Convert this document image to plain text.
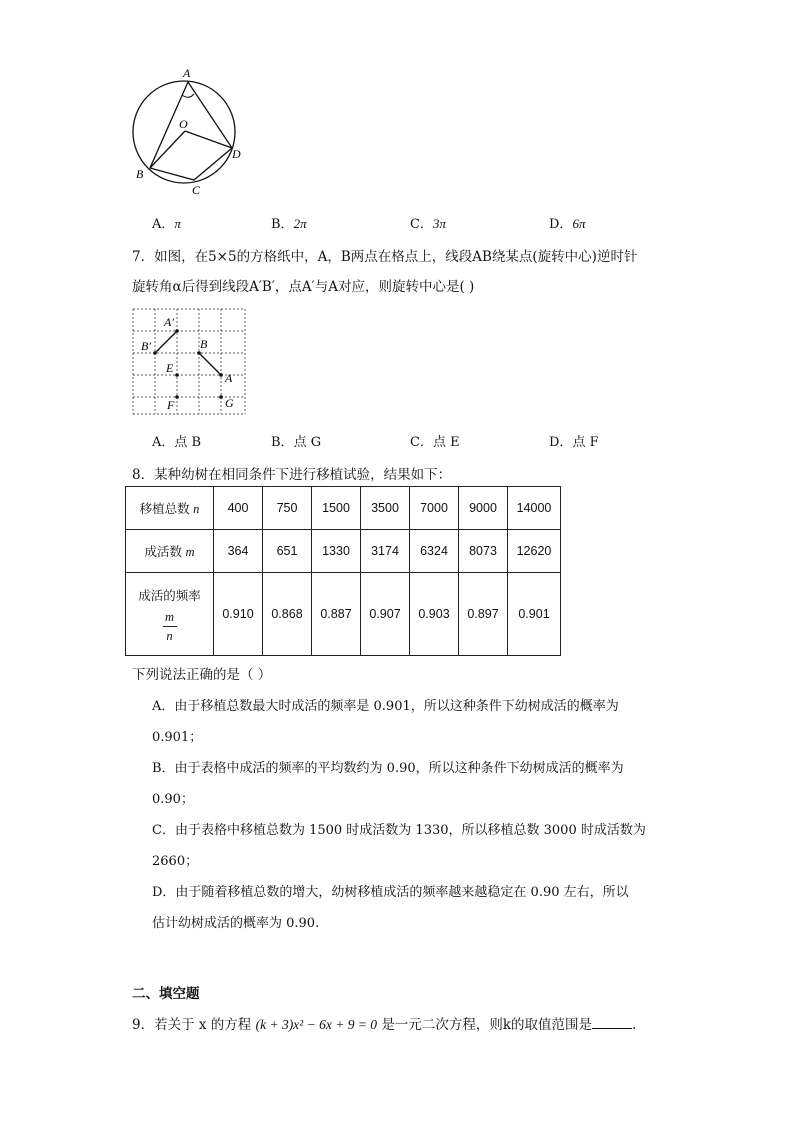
A
O
B
C
D
A．π	B．2π	C．3π	D．6π
7．如图，在5×5的方格纸中，A，B两点在格点上，线段AB绕某点(旋转中心)逆时针
旋转角α后得到线段A′B′，点A′与A对应，则旋转中心是( )
A′
B′	B
A
E
F	G
A．点 B	B．点 G	C．点 E	D．点 F
8．某种幼树在相同条件下进行移植试验，结果如下：
移植总数 n	400	750	1500	3500	7000	9000	14000
成活数 m	364	651	1330	3174	6324	8073	12620

成活的频率
$\frac{m}{n}$	0.910	0.868	0.887	0.907	0.903	0.897	0.901
下列说法正确的是（ ）
A．由于移植总数最大时成活的频率是 0.901，所以这种条件下幼树成活的概率为
0.901；
B．由于表格中成活的频率的平均数约为 0.90，所以这种条件下幼树成活的概率为
0.90；
C．由于表格中移植总数为 1500 时成活数为 1330，所以移植总数 3000 时成活数为
2660；
D．由于随着移植总数的增大，幼树移植成活的频率越来越稳定在 0.90 左右，所以
估计幼树成活的概率为 0.90.
二、填空题
9．若关于 x 的方程 (k + 3)x² − 6x + 9 = 0 是一元二次方程，则k的取值范围是	.
